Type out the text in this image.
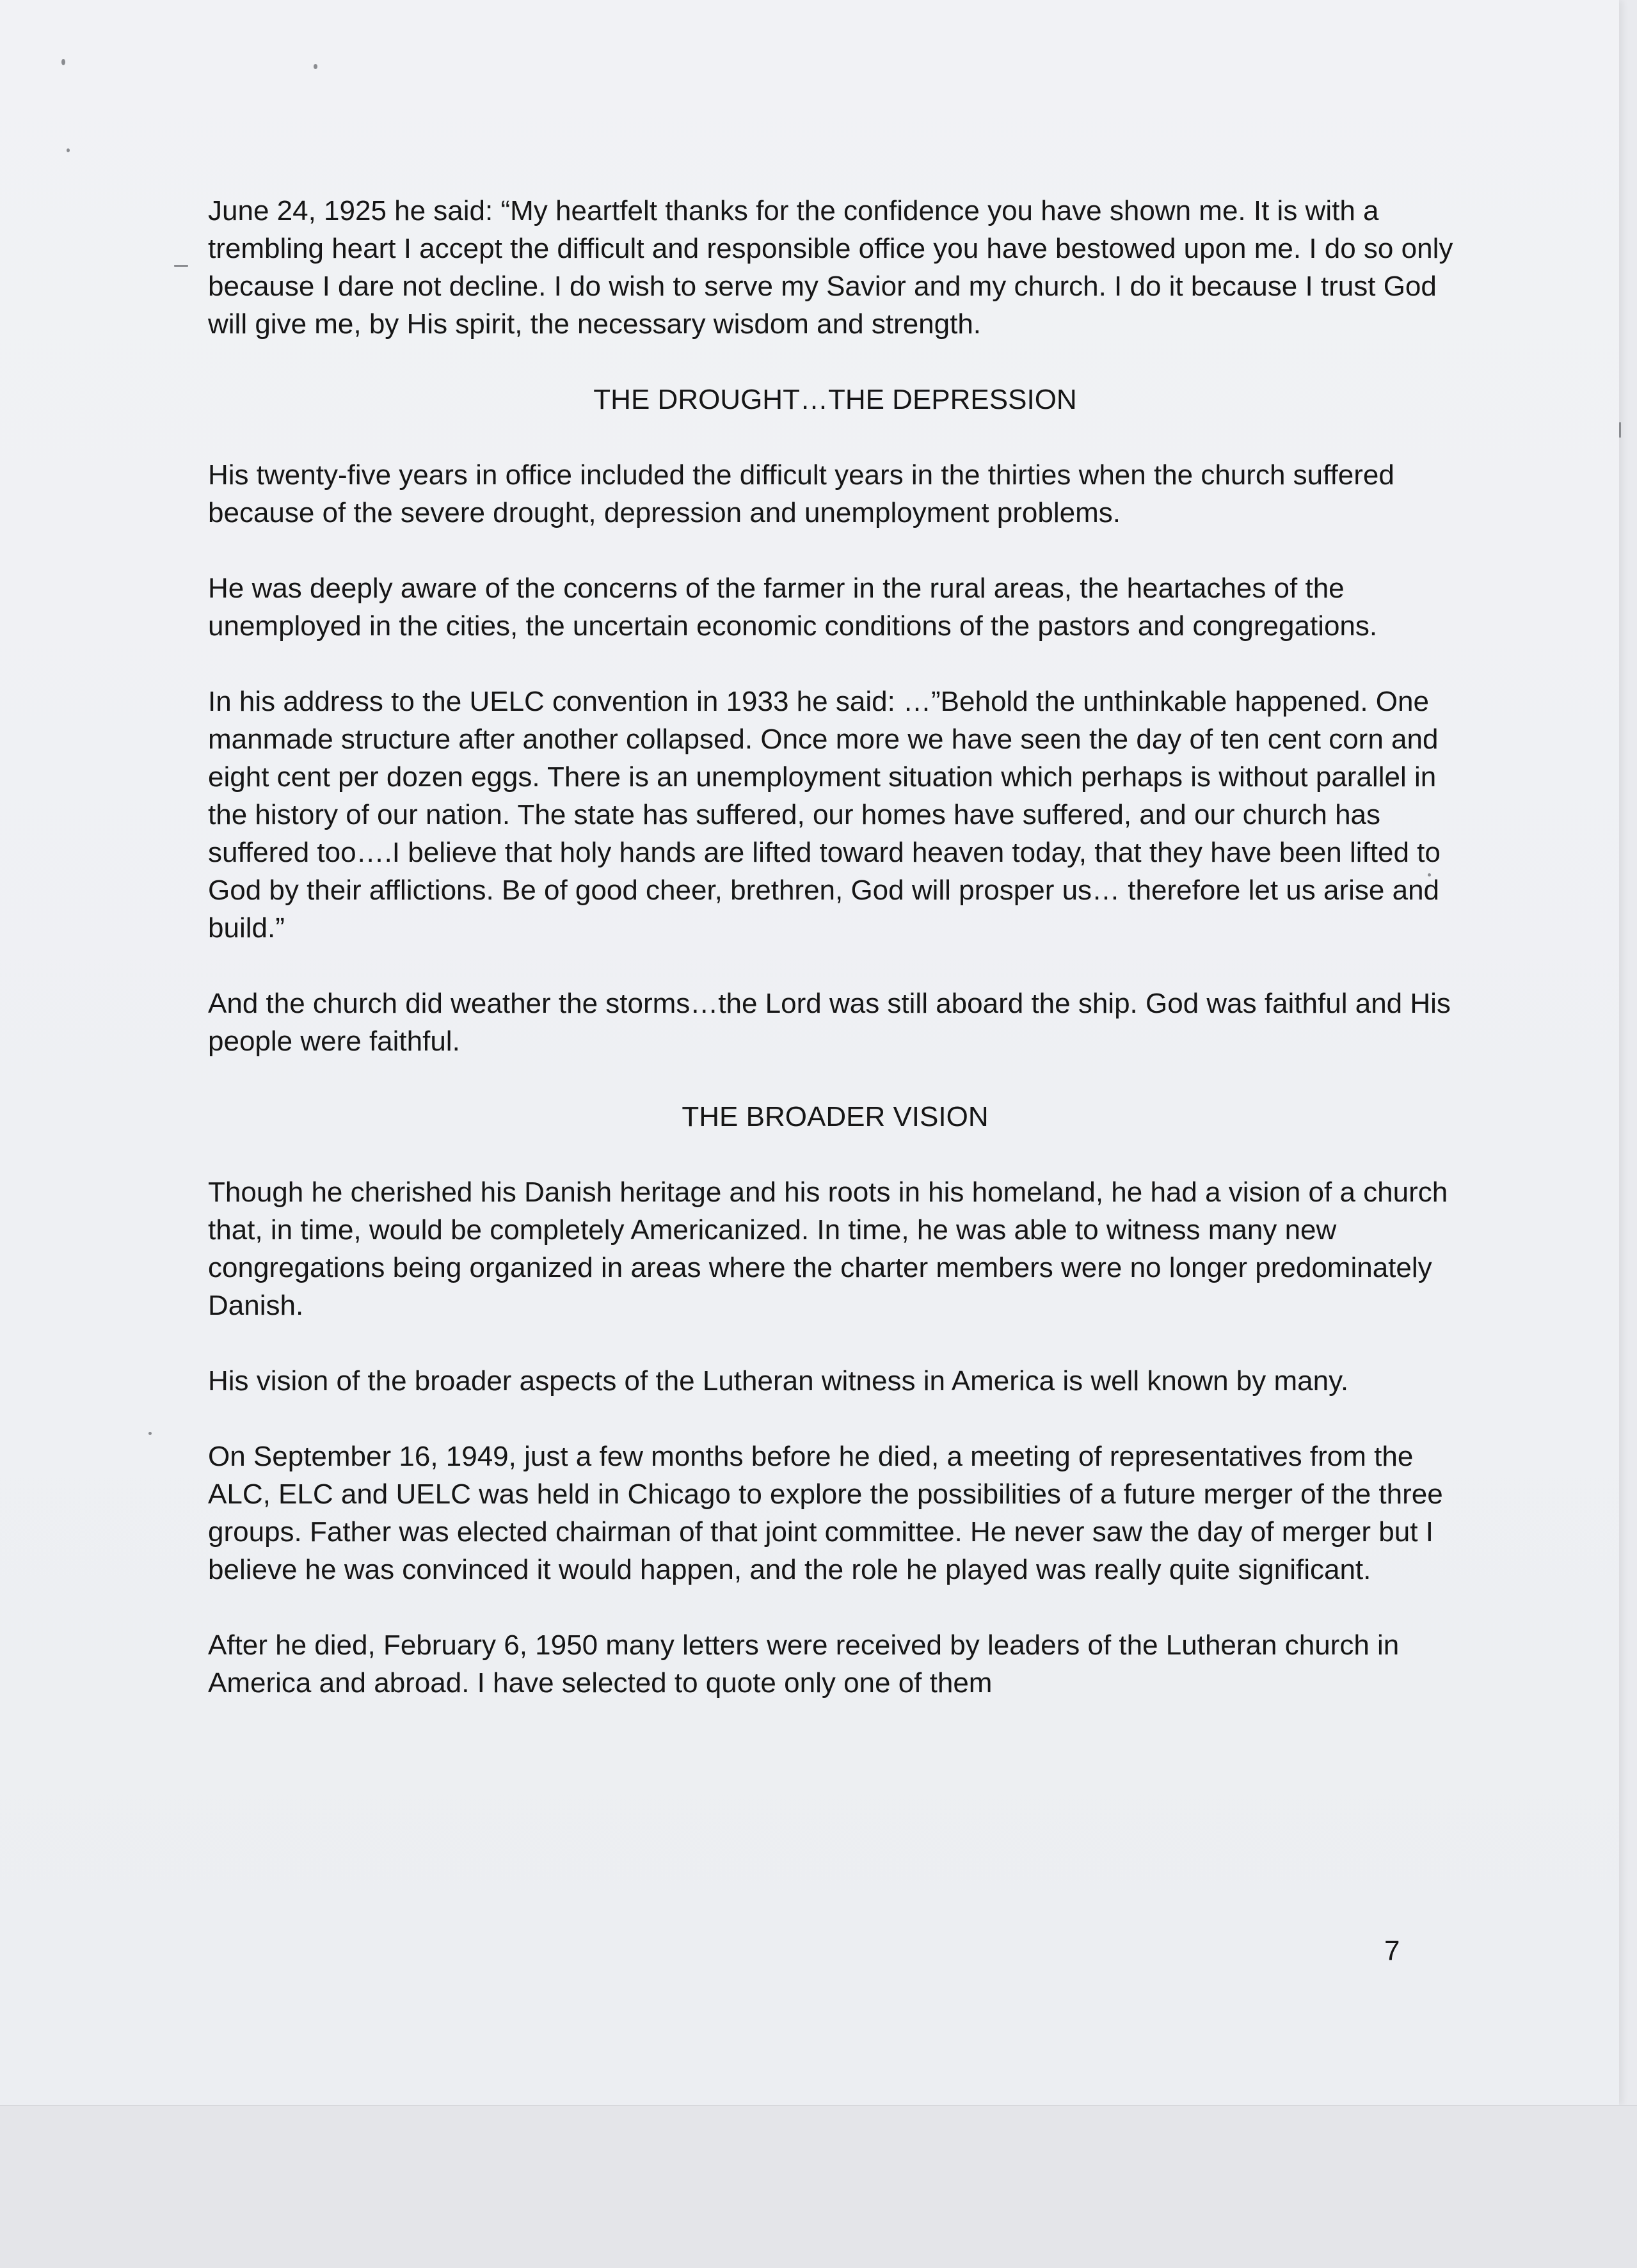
June 24, 1925 he said: “My heartfelt thanks for the confidence you have shown me. It is with a trembling heart I accept the difficult and responsible office you have bestowed upon me. I do so only because I dare not decline. I do wish to serve my Savior and my church. I do it because I trust God will give me, by His spirit, the necessary wisdom and strength.

THE DROUGHT…THE DEPRESSION

His twenty-five years in office included the difficult years in the thirties when the church suffered because of the severe drought, depression and unemployment problems.

He was deeply aware of the concerns of the farmer in the rural areas, the heartaches of the unemployed in the cities, the uncertain economic conditions of the pastors and congregations.

In his address to the UELC convention in 1933 he said: …”Behold the unthinkable happened. One manmade structure after another collapsed. Once more we have seen the day of ten cent corn and eight cent per dozen eggs. There is an unemployment situation which perhaps is without parallel in the history of our nation. The state has suffered, our homes have suffered, and our church has suffered too….I believe that holy hands are lifted toward heaven today, that they have been lifted to God by their afflictions. Be of good cheer, brethren, God will prosper us… therefore let us arise and build.”

And the church did weather the storms…the Lord was still aboard the ship. God was faithful and His people were faithful.

THE BROADER VISION

Though he cherished his Danish heritage and his roots in his homeland, he had a vision of a church that, in time, would be completely Americanized. In time, he was able to witness many new congregations being organized in areas where the charter members were no longer predominately Danish.

His vision of the broader aspects of the Lutheran witness in America is well known by many.

On September 16, 1949, just a few months before he died, a meeting of representatives from the ALC, ELC and UELC was held in Chicago to explore the possibilities of a future merger of the three groups. Father was elected chairman of that joint committee. He never saw the day of merger but I believe he was convinced it would happen, and the role he played was really quite significant.

After he died, February 6, 1950 many letters were received by leaders of the Lutheran church in America and abroad. I have selected to quote only one of them

7
